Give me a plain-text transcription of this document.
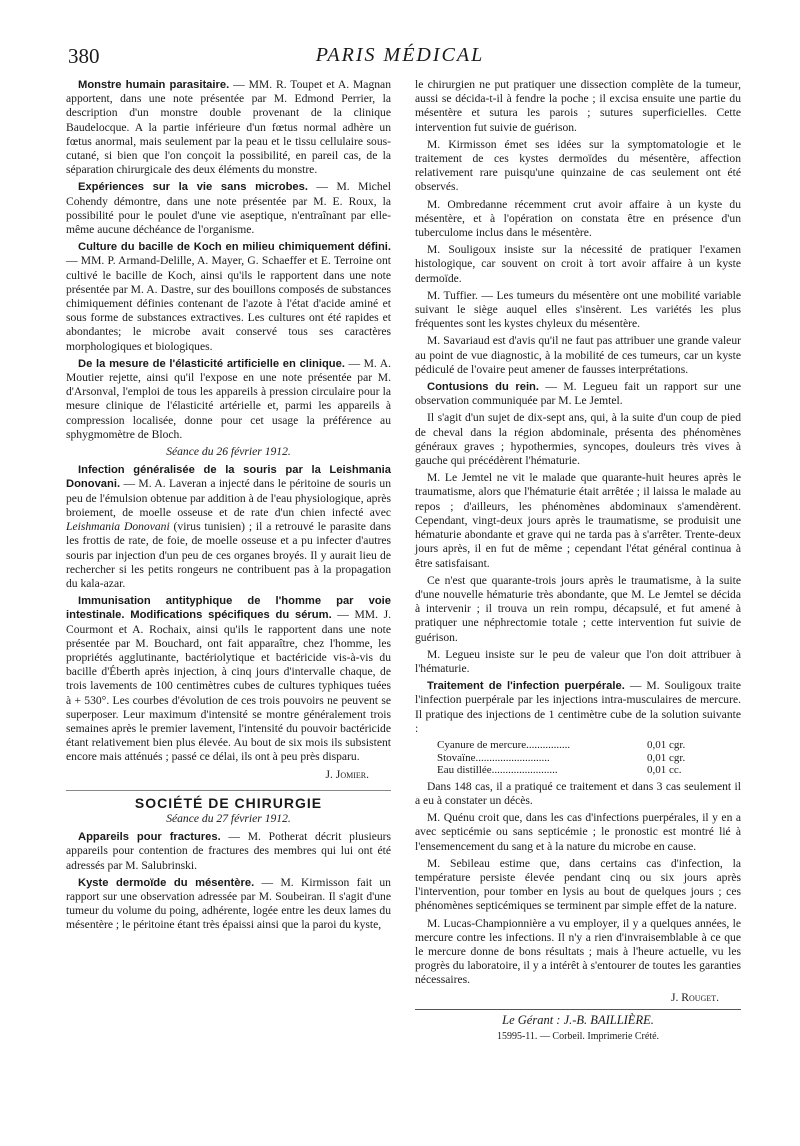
380	PARIS MÉDICAL

Monstre humain parasitaire. — MM. R. Toupet et A. Magnan apportent, dans une note présentée par M. Edmond Perrier, la description d'un monstre double provenant de la clinique Baudelocque. A la partie inférieure d'un fœtus normal adhère un fœtus anormal, mais seulement par la peau et le tissu cellulaire sous-cutané, si bien que l'on conçoit la possibilité, en pareil cas, de la séparation chirurgicale des deux éléments du monstre.

Expériences sur la vie sans microbes. — M. Michel Cohendy démontre, dans une note présentée par M. E. Roux, la possibilité pour le poulet d'une vie aseptique, n'entraînant par elle-même aucune déchéance de l'organisme.

Culture du bacille de Koch en milieu chimiquement défini. — MM. P. Armand-Delille, A. Mayer, G. Schaeffer et E. Terroine ont cultivé le bacille de Koch, ainsi qu'ils le rapportent dans une note présentée par M. A. Dastre, sur des bouillons composés de substances chimiquement définies contenant de l'azote à l'état d'acide aminé et sous forme de substances extractives. Les cultures ont été rapides et abondantes; le microbe avait conservé tous ses caractères morphologiques et biologiques.

De la mesure de l'élasticité artificielle en clinique. — M. A. Moutier rejette, ainsi qu'il l'expose en une note présentée par M. d'Arsonval, l'emploi de tous les appareils à pression circulaire pour la mesure clinique de l'élasticité artérielle et, parmi les appareils à compression localisée, donne pour cet usage la préférence au sphygmomètre de Bloch.

Séance du 26 février 1912.

Infection généralisée de la souris par la Leishmania Donovani. — M. A. Laveran a injecté dans le péritoine de souris un peu de l'émulsion obtenue par addition à de l'eau physiologique, après broiement, de moelle osseuse et de rate d'un chien infecté avec Leishmania Donovani (virus tunisien) ; il a retrouvé le parasite dans les frottis de rate, de foie, de moelle osseuse et a pu infecter d'autres souris par injection d'un peu de ces organes broyés. Il y aurait lieu de rechercher si les petits rongeurs ne contribuent pas à la propagation du kala-azar.

Immunisation antityphique de l'homme par voie intestinale. Modifications spécifiques du sérum. — MM. J. Courmont et A. Rochaix, ainsi qu'ils le rapportent dans une note présentée par M. Bouchard, ont fait apparaître, chez l'homme, les propriétés agglutinante, bactériolytique et bactéricide vis-à-vis du bacille d'Éberth après injection, à cinq jours d'intervalle chaque, de trois lavements de 100 centimètres cubes de cultures typhiques tuées à + 530°. Les courbes d'évolution de ces trois pouvoirs ne peuvent se superposer. Leur maximum d'intensité se montre généralement trois semaines après le premier lavement, l'intensité du pouvoir bactéricide étant relativement bien plus élevée. Au bout de six mois ils subsistent encore mais atténués ; passé ce délai, ils ont à peu près disparu.

J. Jomier.

SOCIÉTÉ DE CHIRURGIE

Séance du 27 février 1912.

Appareils pour fractures. — M. Potherat décrit plusieurs appareils pour contention de fractures des membres qui lui ont été adressés par M. Salubrinski.

Kyste dermoïde du mésentère. — M. Kirmisson fait un rapport sur une observation adressée par M. Soubeiran. Il s'agit d'une tumeur du volume du poing, adhérente, logée entre les deux lames du mésentère ; le péritoine étant très épaissi ainsi que la paroi du kyste,

le chirurgien ne put pratiquer une dissection complète de la tumeur, aussi se décida-t-il à fendre la poche ; il excisa ensuite une partie du mésentère et sutura les parois ; sutures superficielles. Cette intervention fut suivie de guérison.

M. Kirmisson émet ses idées sur la symptomatologie et le traitement de ces kystes dermoïdes du mésentère, affection relativement rare puisqu'une quinzaine de cas seulement ont été observés.

M. Ombredanne récemment crut avoir affaire à un kyste du mésentère, et à l'opération on constata être en présence d'un tuberculome inclus dans le mésentère.

M. Souligoux insiste sur la nécessité de pratiquer l'examen histologique, car souvent on croit à tort avoir affaire à un kyste dermoïde.

M. Tuffier. — Les tumeurs du mésentère ont une mobilité variable suivant le siège auquel elles s'insèrent. Les variétés les plus fréquentes sont les kystes chyleux du mésentère.

M. Savariaud est d'avis qu'il ne faut pas attribuer une grande valeur au point de vue diagnostic, à la mobilité de ces tumeurs, car un kyste pédiculé de l'ovaire peut amener de fausses interprétations.

Contusions du rein. — M. Legueu fait un rapport sur une observation communiquée par M. Le Jemtel.

Il s'agit d'un sujet de dix-sept ans, qui, à la suite d'un coup de pied de cheval dans la région abdominale, présenta des phénomènes généraux graves ; hypothermies, syncopes, douleurs très vives à gauche qui précédèrent l'hématurie.

M. Le Jemtel ne vit le malade que quarante-huit heures après le traumatisme, alors que l'hématurie était arrêtée ; il laissa le malade au repos ; d'ailleurs, les phénomènes abdominaux s'amendèrent. Cependant, vingt-deux jours après le traumatisme, se produisit une hématurie abondante et grave qui ne tarda pas à s'arrêter. Trente-deux jours après, il en fut de même ; cependant l'état général continua à être satisfaisant.

Ce n'est que quarante-trois jours après le traumatisme, à la suite d'une nouvelle hématurie très abondante, que M. Le Jemtel se décida à intervenir ; il trouva un rein rompu, décapsulé, et fut amené à pratiquer une néphrectomie totale ; cette intervention fut suivie de guérison.

M. Legueu insiste sur le peu de valeur que l'on doit attribuer à l'hématurie.

Traitement de l'infection puerpérale. — M. Souligoux traite l'infection puerpérale par les injections intra-musculaires de mercure. Il pratique des injections de 1 centimètre cube de la solution suivante :

Cyanure de mercure................	0,01 cgr.
Stovaïne...........................	0,01 cgr.
Eau distillée........................	0,01 cc.

Dans 148 cas, il a pratiqué ce traitement et dans 3 cas seulement il a eu à constater un décès.

M. Quénu croit que, dans les cas d'infections puerpérales, il y en a avec septicémie ou sans septicémie ; le pronostic est montré lié à l'ensemencement du sang et à la nature du microbe en cause.

M. Sebileau estime que, dans certains cas d'infection, la température persiste élevée pendant cinq ou six jours après l'intervention, pour tomber en lysis au bout de quelques jours ; ces phénomènes septicémiques se terminent par simple effet de la nature.

M. Lucas-Championnière a vu employer, il y a quelques années, le mercure contre les infections. Il n'y a rien d'invraisemblable à ce que le mercure donne de bons résultats ; mais à l'heure actuelle, vu les progrès du laboratoire, il y a intérêt à s'entourer de toutes les garanties nécessaires.

J. Rouget.

Le Gérant : J.-B. BAILLIÈRE.

15995-11. — Corbeil. Imprimerie Crété.
